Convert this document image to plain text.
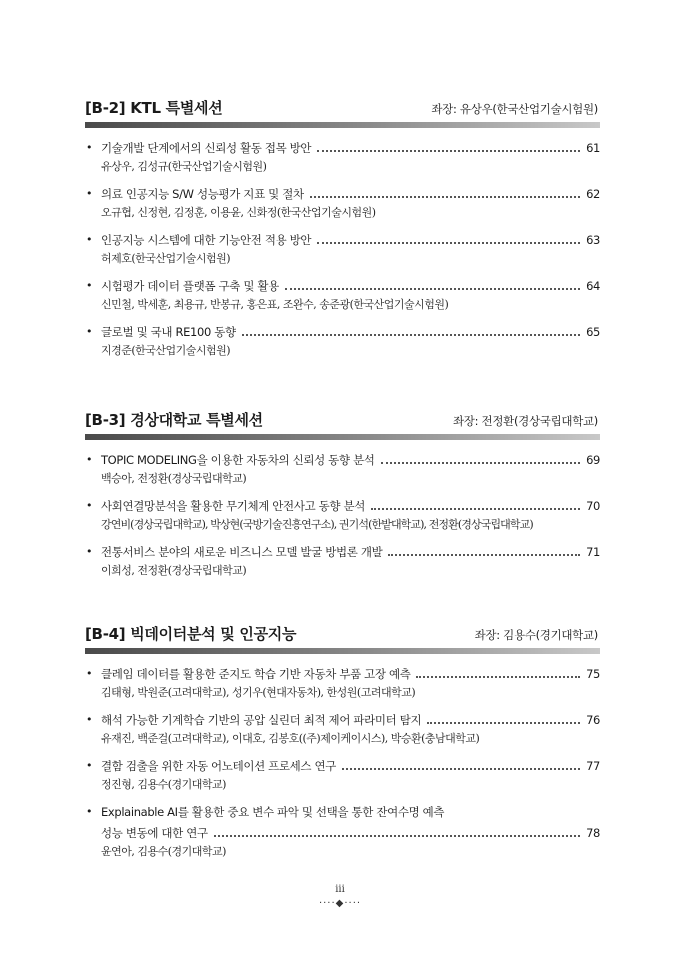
[B-2] KTL 특별세션	좌장: 유상우(한국산업기술시험원)
• 기술개발 단계에서의 신뢰성 활동 접목 방안	61
유상우, 김성규(한국산업기술시험원)
• 의료 인공지능 S/W 성능평가 지표 및 절차	62
오규협, 신정현, 김정훈, 이용윤, 신화정(한국산업기술시험원)
• 인공지능 시스템에 대한 기능안전 적용 방안	63
허제호(한국산업기술시험원)
• 시험평가 데이터 플랫폼 구축 및 활용	64
신민철, 박세훈, 최용규, 반봉규, 홍은표, 조완수, 송준광(한국산업기술시험원)
• 글로벌 및 국내 RE100 동향	65
지경준(한국산업기술시험원)
[B-3] 경상대학교 특별세션	좌장: 전정환(경상국립대학교)
• TOPIC MODELING을 이용한 자동차의 신뢰성 동향 분석	69
백승아, 전정환(경상국립대학교)
• 사회연결망분석을 활용한 무기체계 안전사고 동향 분석	70
강연비(경상국립대학교), 박상현(국방기술진흥연구소), 권기석(한밭대학교), 전정환(경상국립대학교)
• 전통서비스 분야의 새로운 비즈니스 모델 발굴 방법론 개발	71
이희성, 전정환(경상국립대학교)
[B-4] 빅데이터분석 및 인공지능	좌장: 김용수(경기대학교)
• 클레임 데이터를 활용한 준지도 학습 기반 자동차 부품 고장 예측	75
김태형, 박원준(고려대학교), 성기우(현대자동차), 한성원(고려대학교)
• 해석 가능한 기계학습 기반의 공압 실린더 최적 제어 파라미터 탐지	76
유재진, 백준걸(고려대학교), 이대호, 김봉호((주)제이케이시스), 박승환(충남대학교)
• 결함 검출을 위한 자동 어노테이션 프로세스 연구	77
정진형, 김용수(경기대학교)
• Explainable AI를 활용한 중요 변수 파악 및 선택을 통한 잔여수명 예측
성능 변동에 대한 연구	78
윤연아, 김용수(경기대학교)
iii
····◆····
